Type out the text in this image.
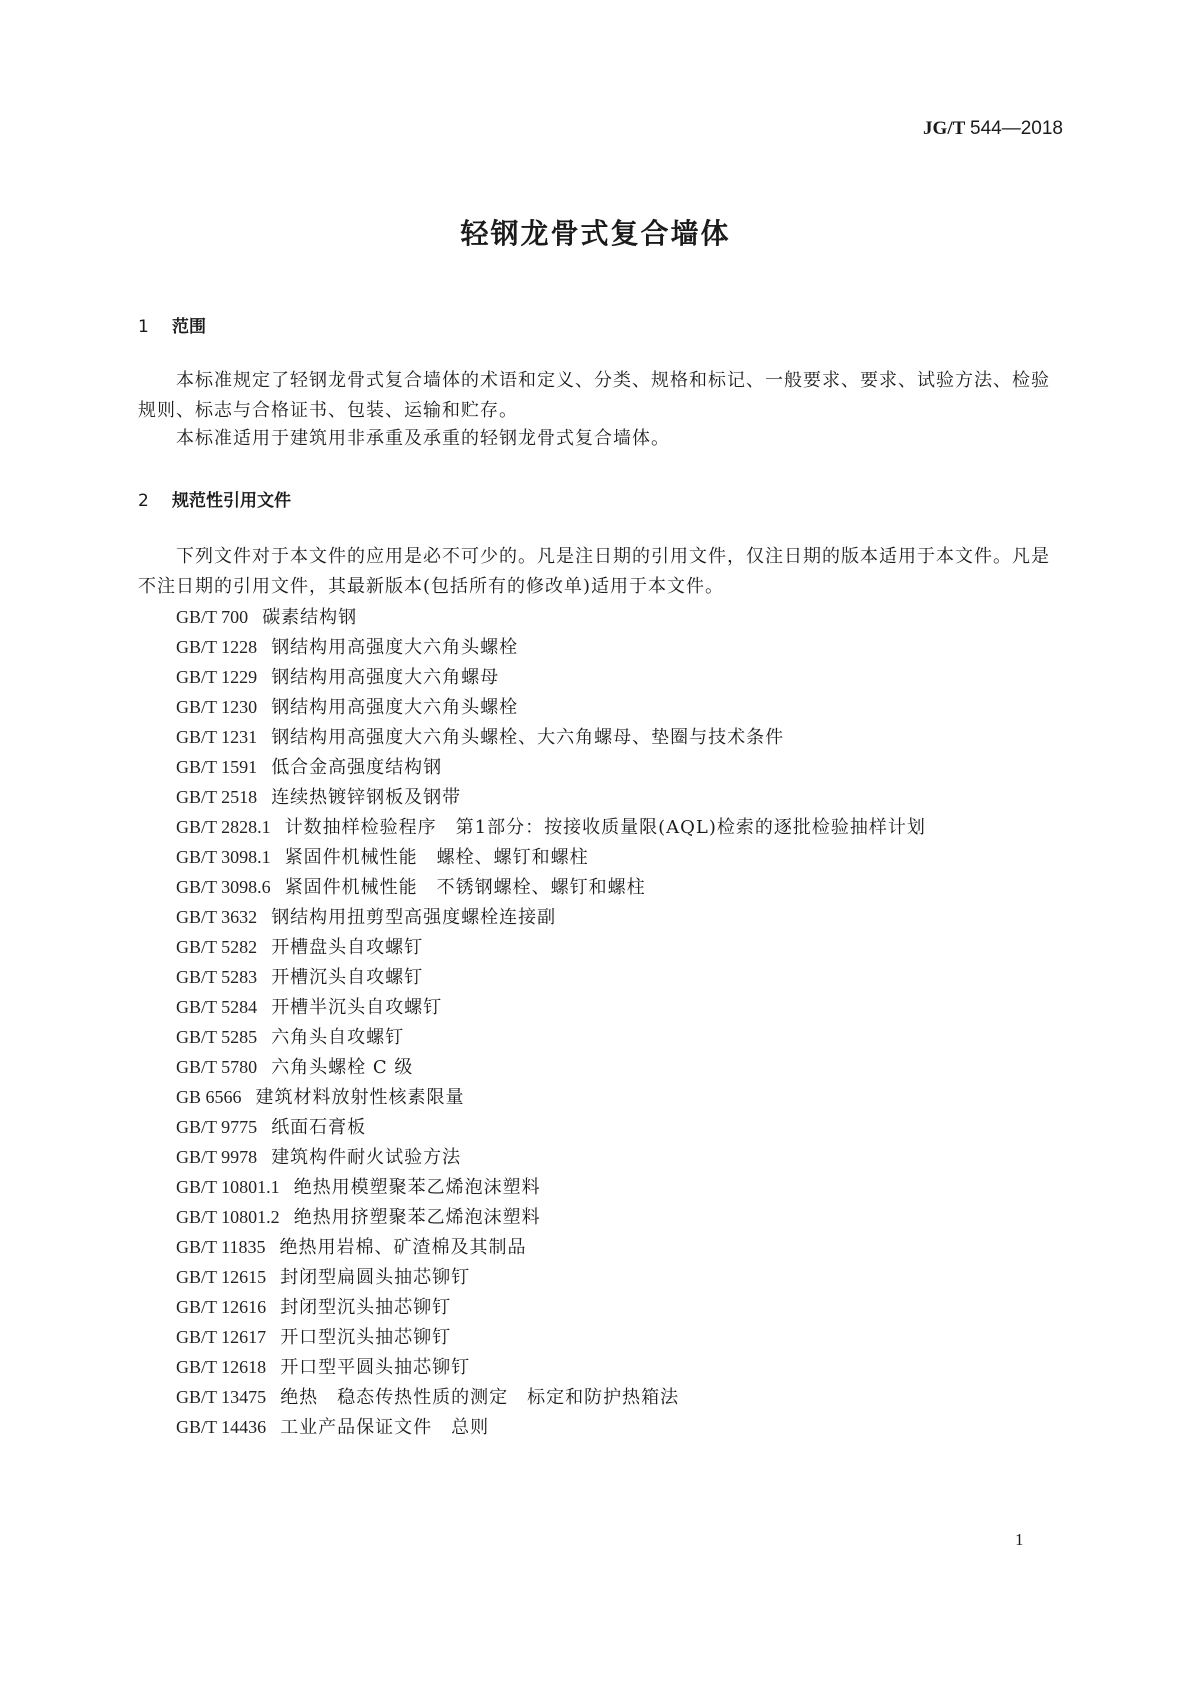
JG/T 544—2018
轻钢龙骨式复合墙体
1 范围
本标准规定了轻钢龙骨式复合墙体的术语和定义、分类、规格和标记、一般要求、要求、试验方法、检验规则、标志与合格证书、包装、运输和贮存。
本标准适用于建筑用非承重及承重的轻钢龙骨式复合墙体。
2 规范性引用文件
下列文件对于本文件的应用是必不可少的。凡是注日期的引用文件，仅注日期的版本适用于本文件。凡是不注日期的引用文件，其最新版本(包括所有的修改单)适用于本文件。
GB/T 700 碳素结构钢
GB/T 1228 钢结构用高强度大六角头螺栓
GB/T 1229 钢结构用高强度大六角螺母
GB/T 1230 钢结构用高强度大六角头螺栓
GB/T 1231 钢结构用高强度大六角头螺栓、大六角螺母、垫圈与技术条件
GB/T 1591 低合金高强度结构钢
GB/T 2518 连续热镀锌钢板及钢带
GB/T 2828.1 计数抽样检验程序　第1部分：按接收质量限(AQL)检索的逐批检验抽样计划
GB/T 3098.1 紧固件机械性能　螺栓、螺钉和螺柱
GB/T 3098.6 紧固件机械性能　不锈钢螺栓、螺钉和螺柱
GB/T 3632 钢结构用扭剪型高强度螺栓连接副
GB/T 5282 开槽盘头自攻螺钉
GB/T 5283 开槽沉头自攻螺钉
GB/T 5284 开槽半沉头自攻螺钉
GB/T 5285 六角头自攻螺钉
GB/T 5780 六角头螺栓 C 级
GB 6566 建筑材料放射性核素限量
GB/T 9775 纸面石膏板
GB/T 9978 建筑构件耐火试验方法
GB/T 10801.1 绝热用模塑聚苯乙烯泡沫塑料
GB/T 10801.2 绝热用挤塑聚苯乙烯泡沫塑料
GB/T 11835 绝热用岩棉、矿渣棉及其制品
GB/T 12615 封闭型扁圆头抽芯铆钉
GB/T 12616 封闭型沉头抽芯铆钉
GB/T 12617 开口型沉头抽芯铆钉
GB/T 12618 开口型平圆头抽芯铆钉
GB/T 13475 绝热　稳态传热性质的测定　标定和防护热箱法
GB/T 14436 工业产品保证文件　总则
1
